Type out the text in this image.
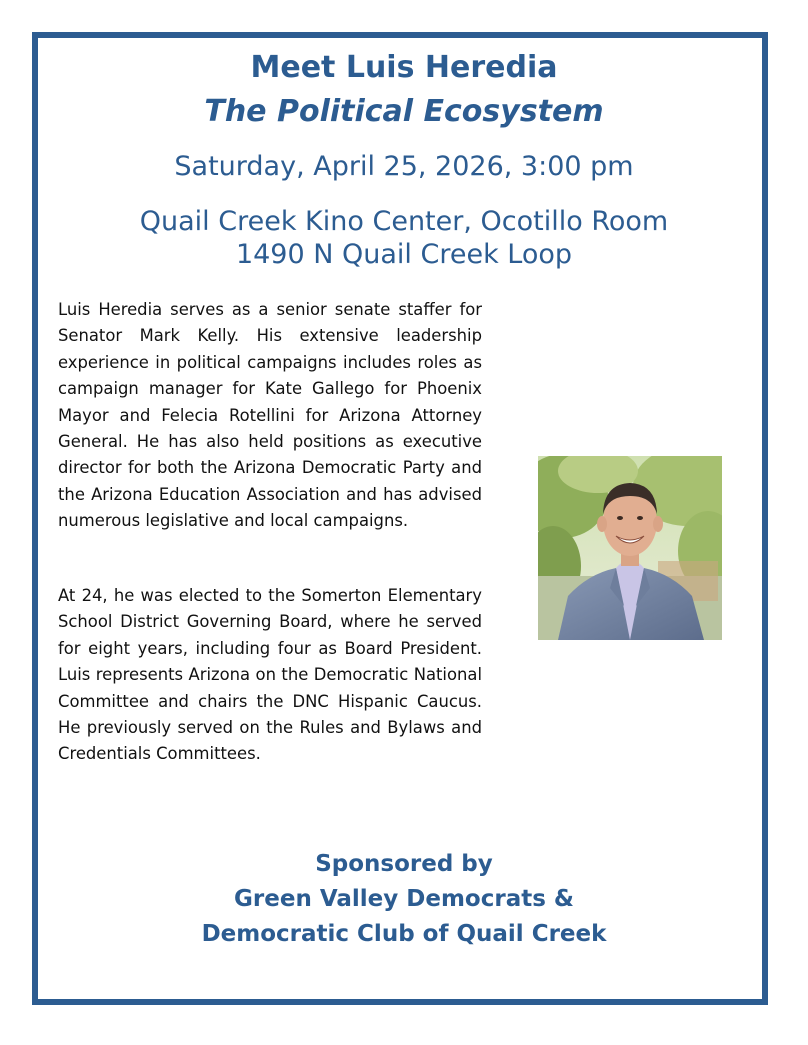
Meet Luis Heredia
The Political Ecosystem
Saturday, April 25, 2026, 3:00 pm
Quail Creek Kino Center, Ocotillo Room
1490 N Quail Creek Loop
Luis Heredia serves as a senior senate staffer for Senator Mark Kelly. His extensive leadership experience in political campaigns includes roles as campaign manager for Kate Gallego for Phoenix Mayor and Felecia Rotellini for Arizona Attorney General. He has also held positions as executive director for both the Arizona Democratic Party and the Arizona Education Association and has advised numerous legislative and local campaigns.
At 24, he was elected to the Somerton Elementary School District Governing Board, where he served for eight years, including four as Board President. Luis represents Arizona on the Democratic National Committee and chairs the DNC Hispanic Caucus. He previously served on the Rules and Bylaws and Credentials Committees.
Sponsored by
Green Valley Democrats &
Democratic Club of Quail Creek
